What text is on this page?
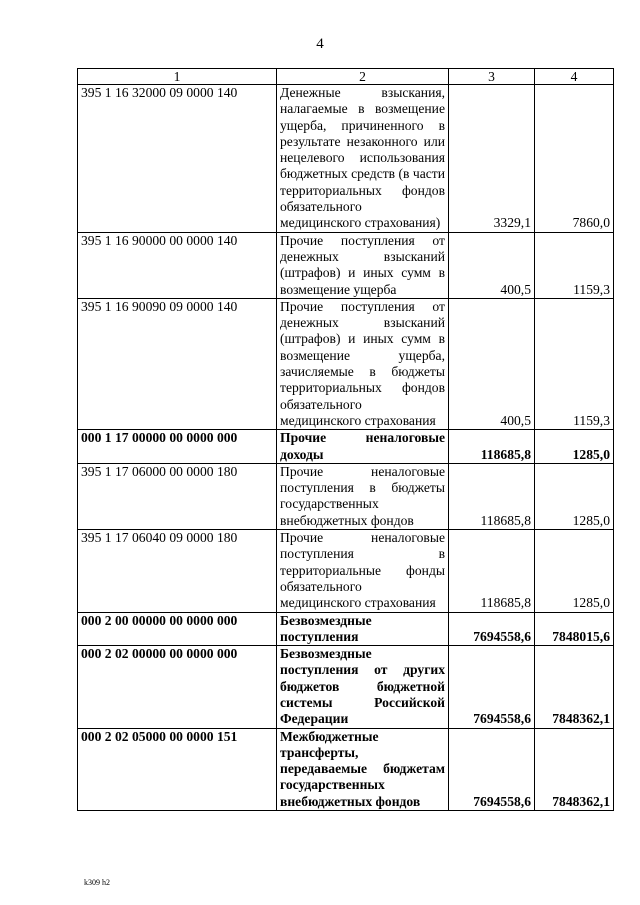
4
1	2	3	4
395 1 16 32000 09 0000 140	Денежные взыскания, налагаемые в возмещение ущерба, причиненного в результате незаконного или нецелевого использования бюджетных средств (в части территориальных фондов обязательного медицинского страхования)	3329,1	7860,0
395 1 16 90000 00 0000 140	Прочие поступления от денежных взысканий (штрафов) и иных сумм в возмещение ущерба	400,5	1159,3
395 1 16 90090 09 0000 140	Прочие поступления от денежных взысканий (штрафов) и иных сумм в возмещение ущерба, зачисляемые в бюджеты территориальных фондов обязательного медицинского страхования	400,5	1159,3
000 1 17 00000 00 0000 000	Прочие неналоговые доходы	118685,8	1285,0
395 1 17 06000 00 0000 180	Прочие неналоговые поступления в бюджеты государственных внебюджетных фондов	118685,8	1285,0
395 1 17 06040 09 0000 180	Прочие неналоговые поступления в территориальные фонды обязательного медицинского страхования	118685,8	1285,0
000 2 00 00000 00 0000 000	Безвозмездные поступления	7694558,6	7848015,6
000 2 02 00000 00 0000 000	Безвозмездные поступления от других бюджетов бюджетной системы Российской Федерации	7694558,6	7848362,1
000 2 02 05000 00 0000 151	Межбюджетные трансферты, передаваемые бюджетам государственных внебюджетных фондов	7694558,6	7848362,1
k309 h2
